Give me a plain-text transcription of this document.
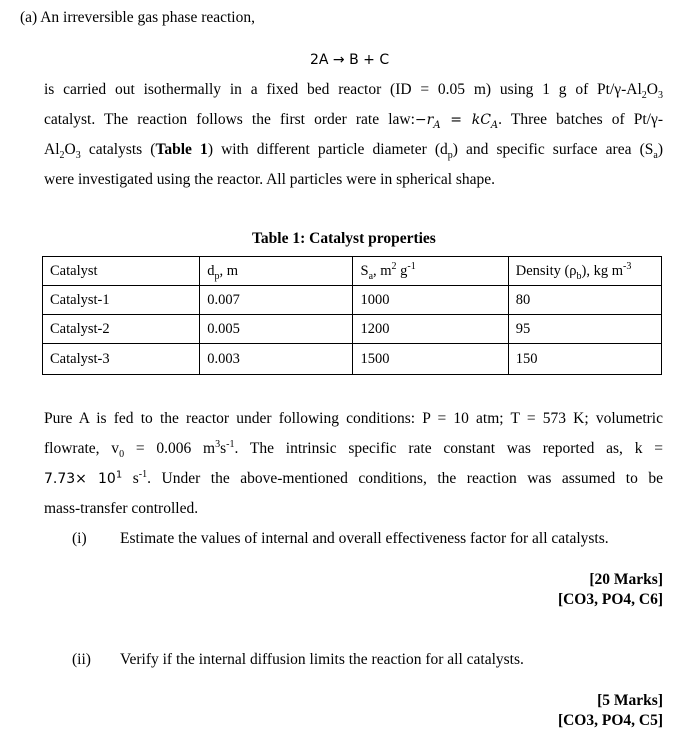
(a) An irreversible gas phase reaction,
2A → B + C
is carried out isothermally in a fixed bed reactor (ID = 0.05 m) using 1 g of $Pt/\gamma-Al_2O_3$
catalyst. The reaction follows the first order rate $law:-r_A = kC_A$. Three batches of Pt/γ-
$Al_2O_3$ catalysts (Table 1) with different particle diameter $(d_p)$ and specific surface area $(S_a)$
were investigated using the reactor. All particles were in spherical shape.
Table 1: Catalyst properties
Catalyst	$d_p$, m	$S_a$, $m^2$ $g^{-1}$	Density $(\rho_b)$, kg $m^{-3}$
Catalyst-1	0.007	1000	80
Catalyst-2	0.005	1200	95
Catalyst-3	0.003	1500	150
Pure A is fed to the reactor under following conditions: P = 10 atm; T = 573 K; volumetric
flowrate, $v_0 = 0.006$ $m^3s^{-1}$. The intrinsic specific rate constant was reported as, k =
$7.73\times 10^1$ $s^{-1}$. Under the above-mentioned conditions, the reaction was assumed to be
mass-transfer controlled.
(i) Estimate the values of internal and overall effectiveness factor for all catalysts.
[20 Marks]
[CO3, PO4, C6]
(ii) Verify if the internal diffusion limits the reaction for all catalysts.
[5 Marks]
[CO3, PO4, C5]
